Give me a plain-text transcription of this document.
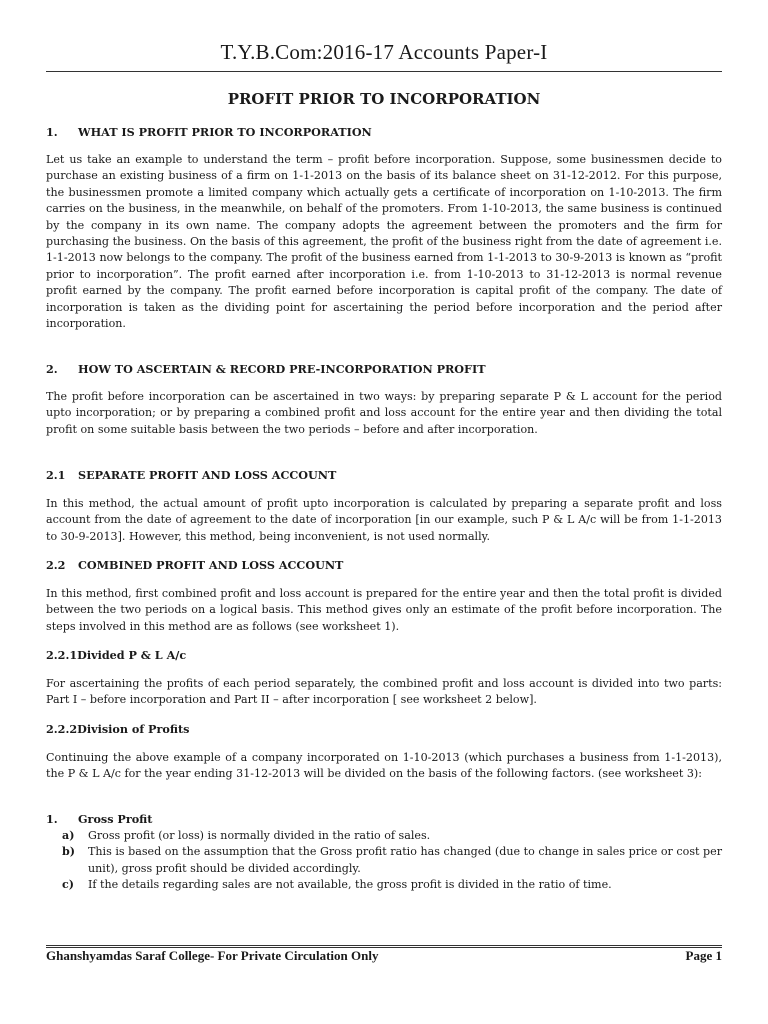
T.Y.B.Com:2016-17 Accounts Paper-I
PROFIT PRIOR TO INCORPORATION

1. WHAT IS PROFIT PRIOR TO INCORPORATION

Let us take an example to understand the term – profit before incorporation. Suppose, some businessmen decide to purchase an existing business of a firm on 1-1-2013 on the basis of its balance sheet on 31-12-2012. For this purpose, the businessmen promote a limited company which actually gets a certificate of incorporation on 1-10-2013. The firm carries on the business, in the meanwhile, on behalf of the promoters. From 1-10-2013, the same business is continued by the company in its own name. The company adopts the agreement between the promoters and the firm for purchasing the business. On the basis of this agreement, the profit of the business right from the date of agreement i.e. 1-1-2013 now belongs to the company. The profit of the business earned from 1-1-2013 to 30-9-2013 is known as “profit prior to incorporation”. The profit earned after incorporation i.e. from 1-10-2013 to 31-12-2013 is normal revenue profit earned by the company. The profit earned before incorporation is capital profit of the company. The date of incorporation is taken as the dividing point for ascertaining the period before incorporation and the period after incorporation.

2. HOW TO ASCERTAIN & RECORD PRE-INCORPORATION PROFIT

The profit before incorporation can be ascertained in two ways: by preparing separate P & L account for the period upto incorporation; or by preparing a combined profit and loss account for the entire year and then dividing the total profit on some suitable basis between the two periods – before and after incorporation.

2.1 SEPARATE PROFIT AND LOSS ACCOUNT

In this method, the actual amount of profit upto incorporation is calculated by preparing a separate profit and loss account from the date of agreement to the date of incorporation [in our example, such P & L A/c will be from 1-1-2013 to 30-9-2013]. However, this method, being inconvenient, is not used normally.

2.2 COMBINED PROFIT AND LOSS ACCOUNT

In this method, first combined profit and loss account is prepared for the entire year and then the total profit is divided between the two periods on a logical basis. This method gives only an estimate of the profit before incorporation. The steps involved in this method are as follows (see worksheet 1).

2.2.1Divided P & L A/c

For ascertaining the profits of each period separately, the combined profit and loss account is divided into two parts: Part I – before incorporation and Part II – after incorporation [ see worksheet 2 below].

2.2.2Division of Profits

Continuing the above example of a company incorporated on 1-10-2013 (which purchases a business from 1-1-2013), the P & L A/c for the year ending 31-12-2013 will be divided on the basis of the following factors. (see worksheet 3):

1. Gross Profit

a) Gross profit (or loss) is normally divided in the ratio of sales.
b) This is based on the assumption that the Gross profit ratio has changed (due to change in sales price or cost per unit), gross profit should be divided accordingly.
c) If the details regarding sales are not available, the gross profit is divided in the ratio of time.
Ghanshyamdas Saraf College- For Private Circulation Only	Page 1
